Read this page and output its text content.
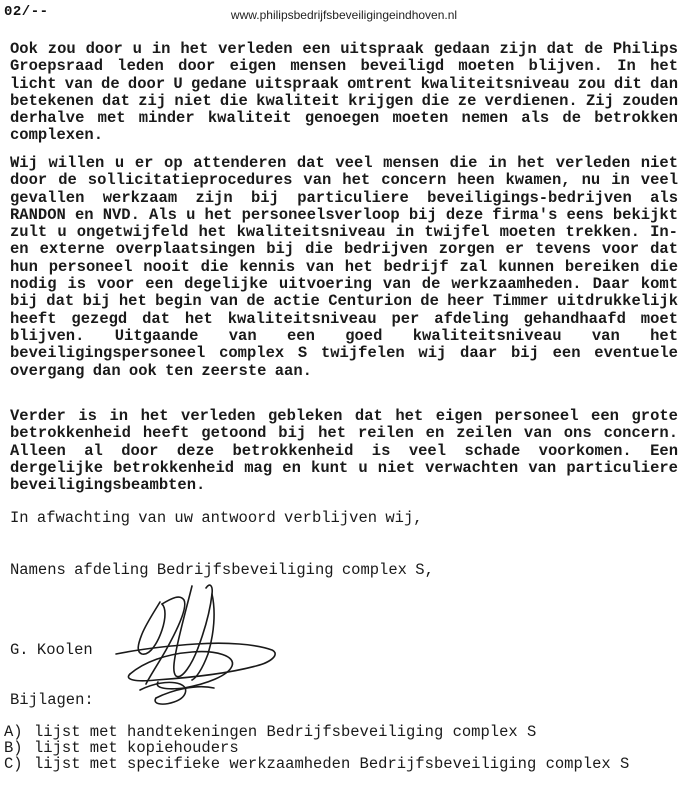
02/--	www.philipsbedrijfsbeveiligingeindhoven.nl
Ook zou door u in het verleden een uitspraak gedaan zijn dat de Philips Groepsraad leden door eigen mensen beveiligd moeten blijven. In het licht van de door U gedane uitspraak omtrent kwaliteitsniveau zou dit dan betekenen dat zij niet die kwaliteit krijgen die ze verdienen. Zij zouden derhalve met minder kwaliteit genoegen moeten nemen als de betrokken complexen.
Wij willen u er op attenderen dat veel mensen die in het verleden niet door de sollicitatieprocedures van het concern heen kwamen, nu in veel gevallen werkzaam zijn bij particuliere beveiligings-bedrijven als RANDON en NVD. Als u het personeelsverloop bij deze firma's eens bekijkt zult u ongetwijfeld het kwaliteitsniveau in twijfel moeten trekken. In- en externe overplaatsingen bij die bedrijven zorgen er tevens voor dat hun personeel nooit die kennis van het bedrijf zal kunnen bereiken die nodig is voor een degelijke uitvoering van de werkzaamheden. Daar komt bij dat bij het begin van de actie Centurion de heer Timmer uitdrukkelijk heeft gezegd dat het kwaliteitsniveau per afdeling gehandhaafd moet blijven. Uitgaande van een goed kwaliteitsniveau van het beveiligingspersoneel complex S twijfelen wij daar bij een eventuele overgang dan ook ten zeerste aan.
Verder is in het verleden gebleken dat het eigen personeel een grote betrokkenheid heeft getoond bij het reilen en zeilen van ons concern. Alleen al door deze betrokkenheid is veel schade voorkomen. Een dergelijke betrokkenheid mag en kunt u niet verwachten van particuliere beveiligingsbeambten.
In afwachting van uw antwoord verblijven wij,
Namens afdeling Bedrijfsbeveiliging complex S,
G. Koolen
Bijlagen:
A) lijst met handtekeningen Bedrijfsbeveiliging complex S
B) lijst met kopiehouders
C) lijst met specifieke werkzaamheden Bedrijfsbeveiliging complex S
